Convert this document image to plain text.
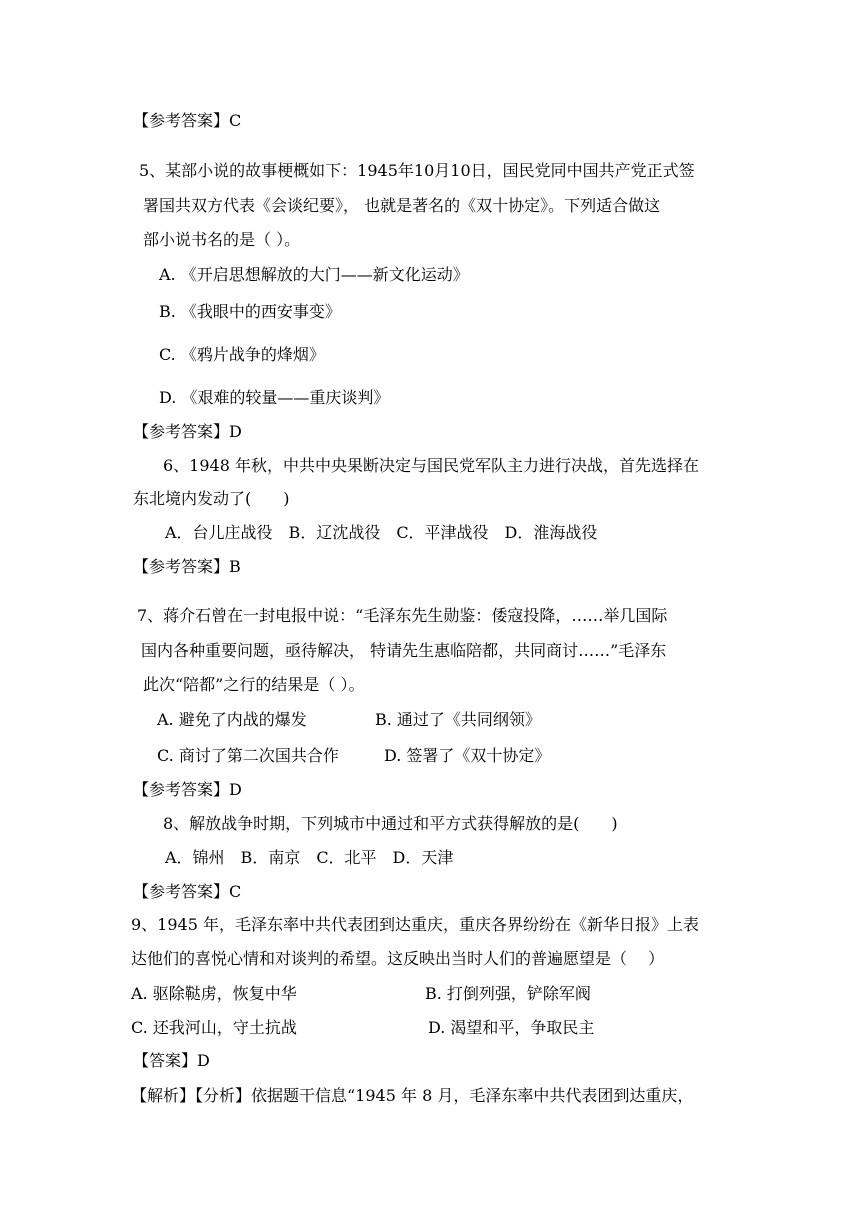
【参考答案】C
5、某部小说的故事梗概如下：1945年10月10日，国民党同中国共产党正式签
署国共双方代表《会谈纪要》， 也就是著名的《双十协定》。下列适合做这
部小说书名的是（ ）。
A. 《开启思想解放的大门——新文化运动》
B. 《我眼中的西安事变》
C. 《鸦片战争的烽烟》
D. 《艰难的较量——重庆谈判》
【参考答案】D
6、1948 年秋，中共中央果断决定与国民党军队主力进行决战，首先选择在
东北境内发动了(　　)
A．台儿庄战役　B．辽沈战役　C．平津战役　D．淮海战役
【参考答案】B
7、蒋介石曾在一封电报中说：“毛泽东先生勋鉴：倭寇投降，……举几国际
国内各种重要问题，亟待解决， 特请先生惠临陪都，共同商讨……”毛泽东
此次“陪都”之行的结果是（ ）。
A. 避免了内战的爆发	B. 通过了《共同纲领》
C. 商讨了第二次国共合作	D. 签署了《双十协定》
【参考答案】D
8、解放战争时期，下列城市中通过和平方式获得解放的是(　　)
A．锦州　B．南京　C．北平　D．天津
【参考答案】C
9、1945 年，毛泽东率中共代表团到达重庆，重庆各界纷纷在《新华日报》上表
达他们的喜悦心情和对谈判的希望。这反映出当时人们的普遍愿望是（　 ）
A. 驱除鞑虏，恢复中华	B. 打倒列强，铲除军阀
C. 还我河山，守土抗战	D. 渴望和平，争取民主
【答案】D
【解析】【分析】依据题干信息“1945 年 8 月，毛泽东率中共代表团到达重庆，
